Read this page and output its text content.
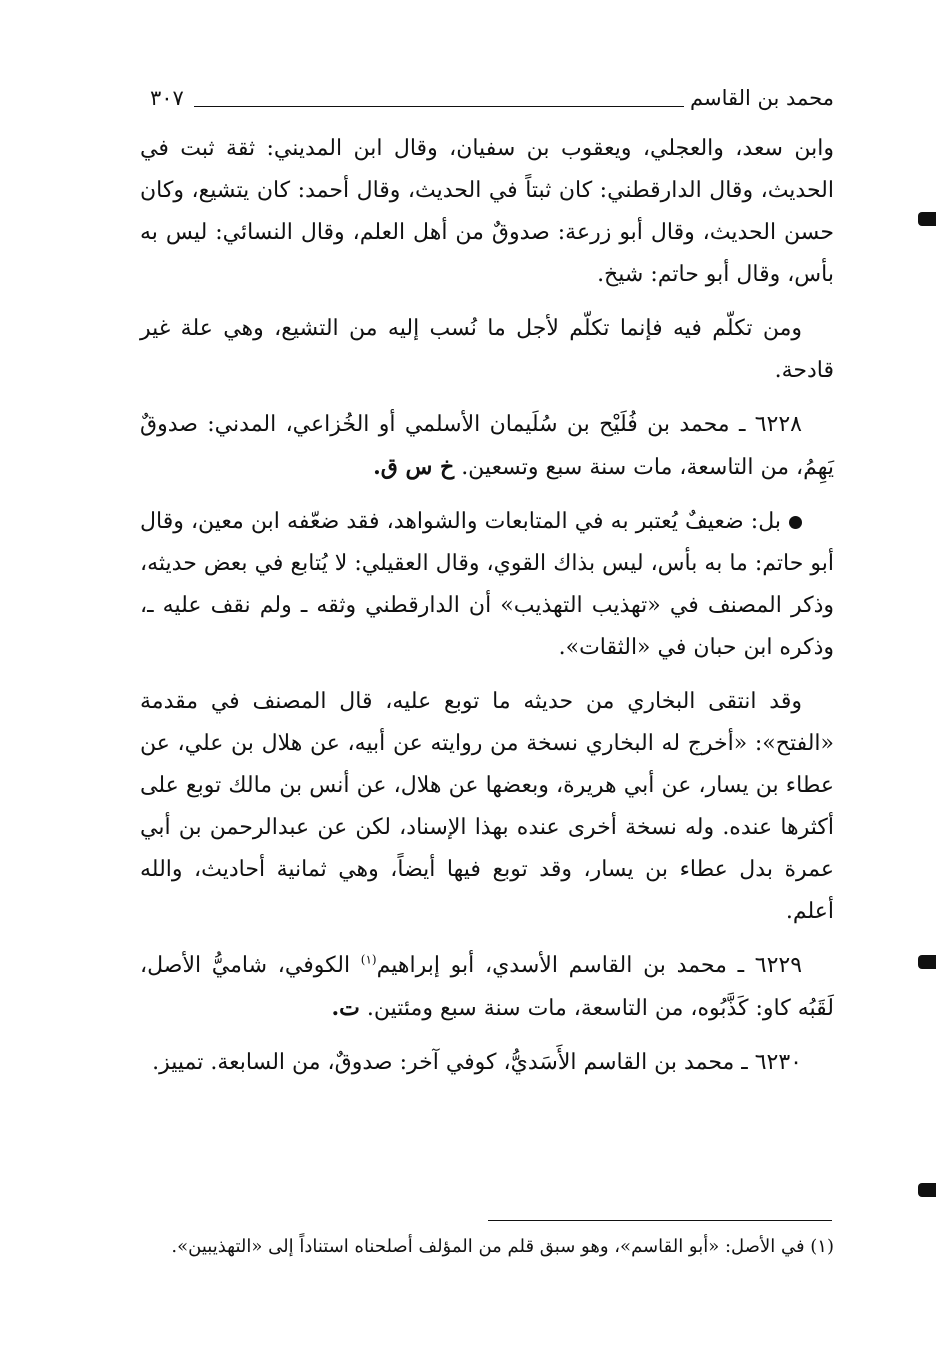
محمد بن القاسم
٣٠٧

وابن سعد، والعجلي، ويعقوب بن سفيان، وقال ابن المديني: ثقة ثبت في الحديث، وقال الدارقطني: كان ثبتاً في الحديث، وقال أحمد: كان يتشيع، وكان حسن الحديث، وقال أبو زرعة: صدوقٌ من أهل العلم، وقال النسائي: ليس به بأس، وقال أبو حاتم: شيخ.

ومن تكلّم فيه فإنما تكلّم لأجل ما نُسب إليه من التشيع، وهي علة غير قادحة.

٦٢٢٨ ـ محمد بن فُلَيْح بن سُلَيمان الأسلمي أو الخُزاعي، المدني: صدوقٌ يَهِمُ، من التاسعة، مات سنة سبع وتسعين. خ س ق.

بل: ضعيفٌ يُعتبر به في المتابعات والشواهد، فقد ضعّفه ابن معين، وقال أبو حاتم: ما به بأس، ليس بذاك القوي، وقال العقيلي: لا يُتابع في بعض حديثه، وذكر المصنف في «تهذيب التهذيب» أن الدارقطني وثقه ـ ولم نقف عليه ـ، وذكره ابن حبان في «الثقات».

وقد انتقى البخاري من حديثه ما توبع عليه، قال المصنف في مقدمة «الفتح»: «أخرج له البخاري نسخة من روايته عن أبيه، عن هلال بن علي، عن عطاء بن يسار، عن أبي هريرة، وبعضها عن هلال، عن أنس بن مالك توبع على أكثرها عنده. وله نسخة أخرى عنده بهذا الإسناد، لكن عن عبدالرحمن بن أبي عمرة بدل عطاء بن يسار، وقد توبع فيها أيضاً، وهي ثمانية أحاديث، والله أعلم.

٦٢٢٩ ـ محمد بن القاسم الأسدي، أبو إبراهيم$^{(١)}$ الكوفي، شاميُّ الأصل، لَقَبُه كاو: كَذَّبُوه، من التاسعة، مات سنة سبع ومئتين. ت.

٦٢٣٠ ـ محمد بن القاسم الأَسَديُّ، كوفي آخر: صدوقٌ، من السابعة. تمييز.

(١) في الأصل: «أبو القاسم»، وهو سبق قلم من المؤلف أصلحناه استناداً إلى «التهذيبين».
